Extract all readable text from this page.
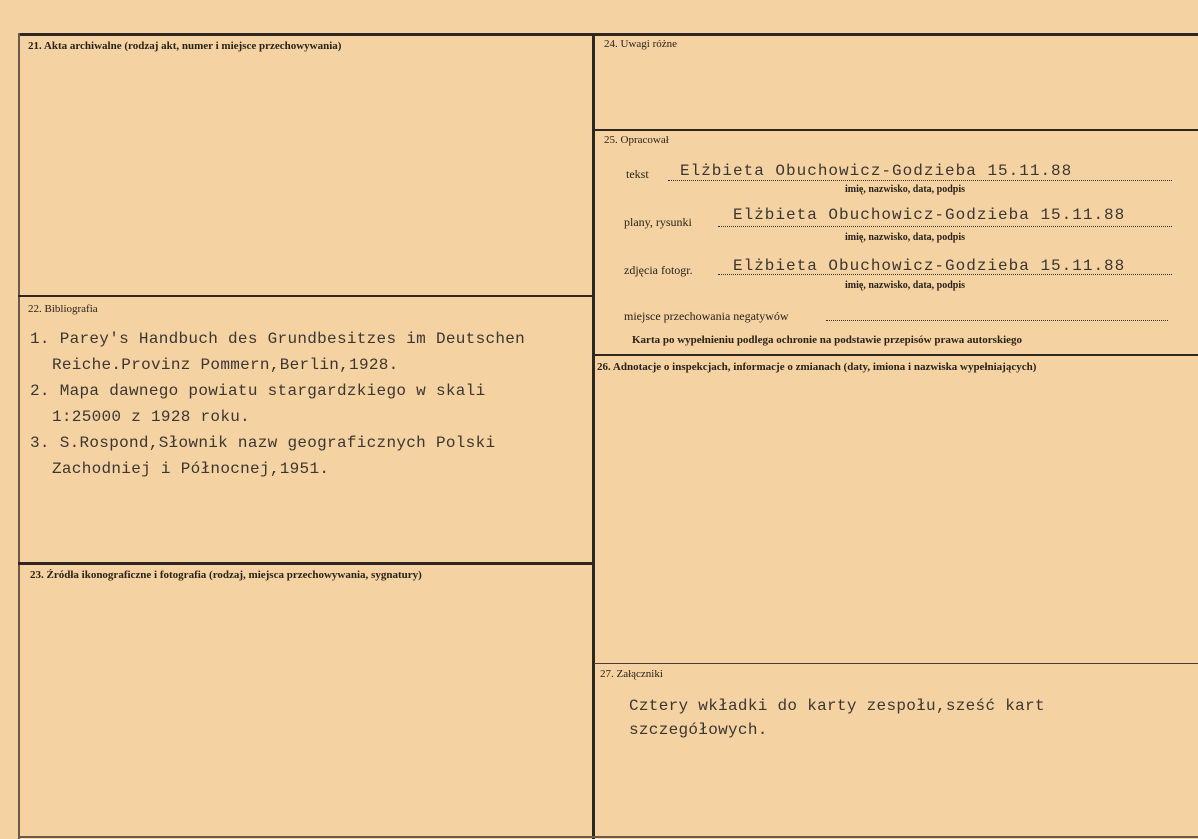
21. Akta archiwalne (rodzaj akt, numer i miejsce przechowywania)
22. Bibliografia
1. Parey's Handbuch des Grundbesitzes im Deutschen
Reiche.Provinz Pommern,Berlin,1928.
2. Mapa dawnego powiatu stargardzkiego w skali
1:25000 z 1928 roku.
3. S.Rospond,Słownik nazw geograficznych Polski
Zachodniej i Północnej,1951.
23. Źródła ikonograficzne i fotografia (rodzaj, miejsca przechowywania, sygnatury)
24. Uwagi różne
25. Opracował
tekst Elżbieta Obuchowicz-Godzieba 15.11.88
imię, nazwisko, data, podpis
plany, rysunki	Elżbieta Obuchowicz-Godzieba 15.11.88
imię, nazwisko, data, podpis
zdjęcia fotogr.	Elżbieta Obuchowicz-Godzieba 15.11.88
imię, nazwisko, data, podpis
miejsce przechowania negatywów
Karta po wypełnieniu podlega ochronie na podstawie przepisów prawa autorskiego
26. Adnotacje o inspekcjach, informacje o zmianach (daty, imiona i nazwiska wypełniających)
27. Załączniki
Cztery wkładki do karty zespołu,sześć kart
szczegółowych.
